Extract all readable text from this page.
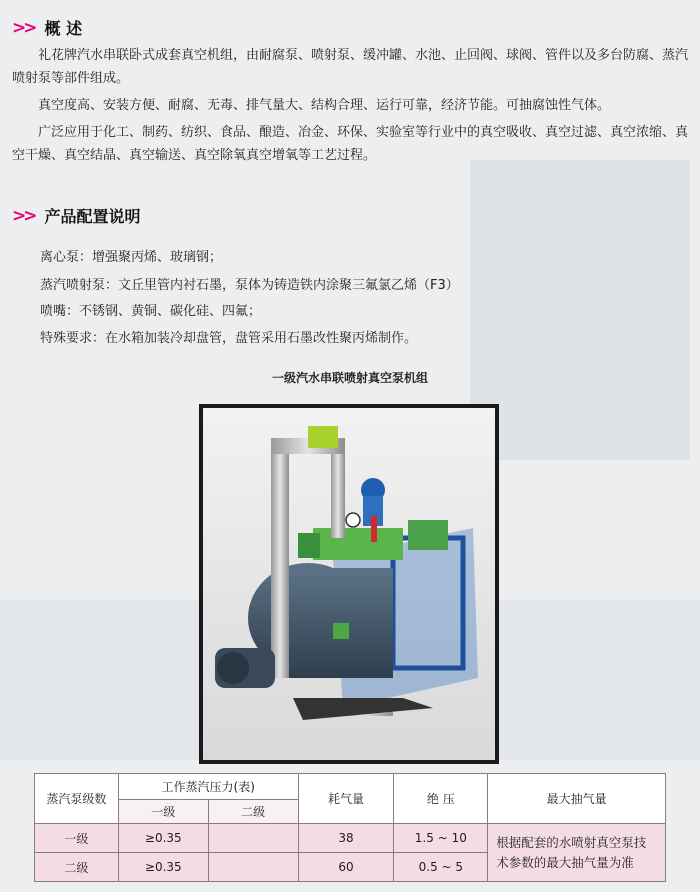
>> 概 述
礼花牌汽水串联卧式成套真空机组，由耐腐泵、喷射泵、缓冲罐、水池、止回阀、球阀、管件以及多台防腐、蒸汽喷射泵等部件组成。
真空度高、安装方便、耐腐、无毒、排气量大、结构合理、运行可靠，经济节能。可抽腐蚀性气体。
广泛应用于化工、制药、纺织、食品、酿造、冶金、环保、实验室等行业中的真空吸收、真空过滤、真空浓缩、真空干燥、真空结晶、真空输送、真空除氧真空增氧等工艺过程。
>> 产品配置说明
离心泵：增强聚丙烯、玻璃钢；
蒸汽喷射泵：文丘里管内衬石墨，泵体为铸造铁内涂聚三氟氯乙烯（F3）
喷嘴：不锈钢、黄铜、碳化硅、四氟；
特殊要求：在水箱加装冷却盘管，盘管采用石墨改性聚丙烯制作。
一级汽水串联喷射真空泵机组
蒸汽泵级数	工作蒸汽压力(表)		耗气量	绝 压	最大抽气量
	一级	二级			
一级	≥0.35		38	1.5 ~ 10	根据配套的水喷射真空泵技术参数的最大抽气量为准
二级	≥0.35		60	0.5 ~ 5	
